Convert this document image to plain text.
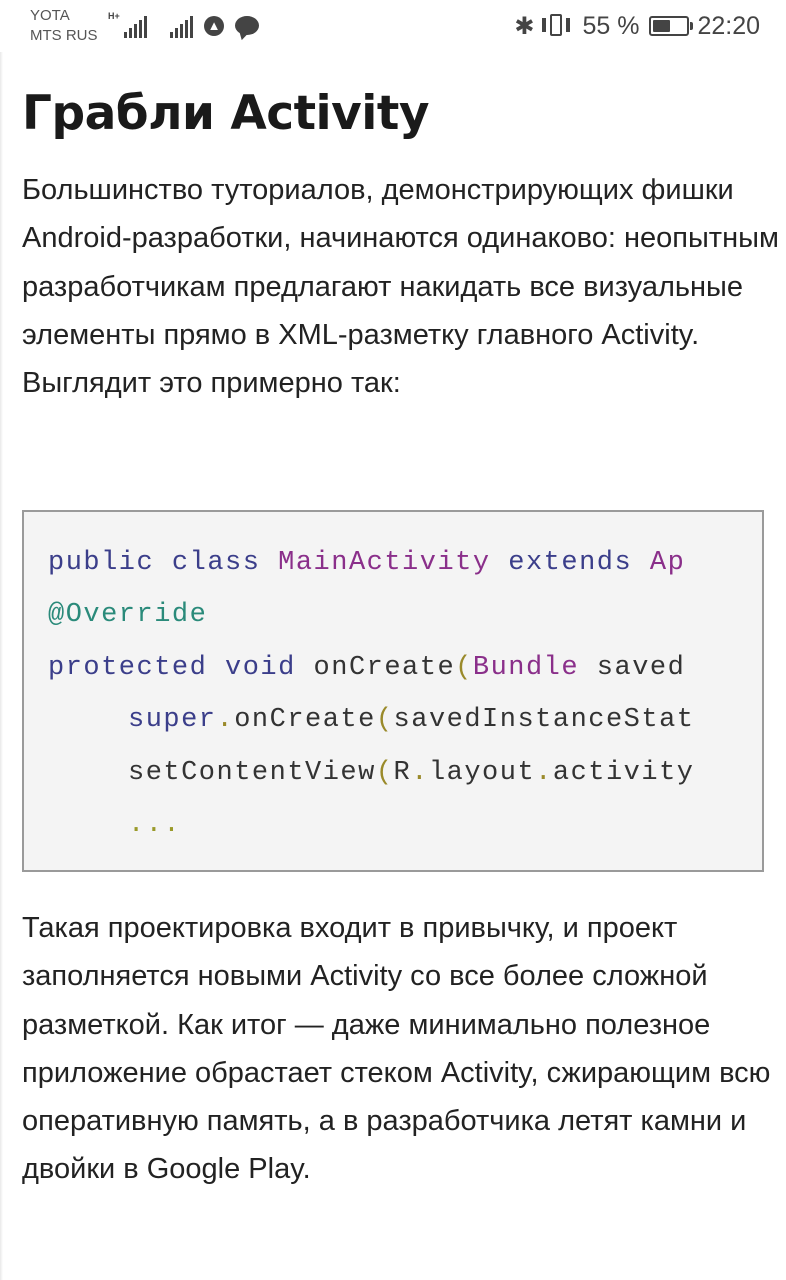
YOTA
MTS RUS
H+
▲	✱ 55 % 22:20
Грабли Activity

Большинство туториалов, демонстрирующих фишки Android-разработки, начинаются одинаково: неопытным разработчикам предлагают накидать все визуальные элементы прямо в XML-разметку главного Activity. Выглядит это примерно так:

public class MainActivity extends Ap
@Override
protected void onCreate(Bundle saved
super.onCreate(savedInstanceStat
setContentView(R.layout.activity
...

Такая проектировка входит в привычку, и проект заполняется новыми Activity со все более сложной разметкой. Как итог — даже минимально полезное приложение обрастает стеком Activity, сжирающим всю оперативную память, а в разработчика летят камни и двойки в Google Play.
